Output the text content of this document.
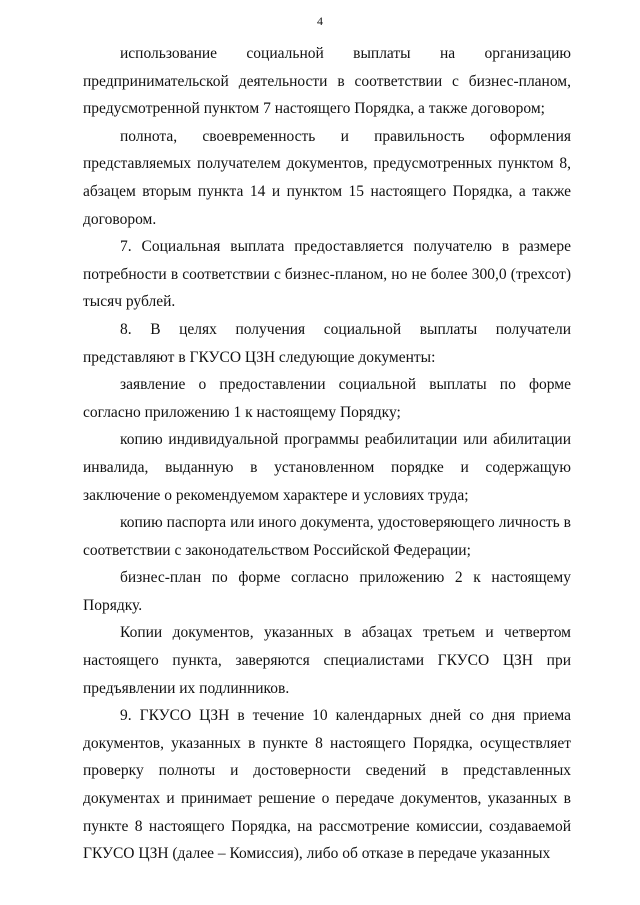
4

использование социальной выплаты на организацию предпринимательской деятельности в соответствии с бизнес-планом, предусмотренной пунктом 7 настоящего Порядка, а также договором;

полнота, своевременность и правильность оформления представляемых получателем документов, предусмотренных пунктом 8, абзацем вторым пункта 14 и пунктом 15 настоящего Порядка, а также договором.

7. Социальная выплата предоставляется получателю в размере потребности в соответствии с бизнес-планом, но не более 300,0 (трехсот) тысяч рублей.

8. В целях получения социальной выплаты получатели представляют в ГКУСО ЦЗН следующие документы:

заявление о предоставлении социальной выплаты по форме согласно приложению 1 к настоящему Порядку;

копию индивидуальной программы реабилитации или абилитации инвалида, выданную в установленном порядке и содержащую заключение о рекомендуемом характере и условиях труда;

копию паспорта или иного документа, удостоверяющего личность в соответствии с законодательством Российской Федерации;

бизнес-план по форме согласно приложению 2 к настоящему Порядку.

Копии документов, указанных в абзацах третьем и четвертом настоящего пункта, заверяются специалистами ГКУСО ЦЗН при предъявлении их подлинников.

9. ГКУСО ЦЗН в течение 10 календарных дней со дня приема документов, указанных в пункте 8 настоящего Порядка, осуществляет проверку полноты и достоверности сведений в представленных документах и принимает решение о передаче документов, указанных в пункте 8 настоящего Порядка, на рассмотрение комиссии, создаваемой ГКУСО ЦЗН (далее – Комиссия), либо об отказе в передаче указанных
